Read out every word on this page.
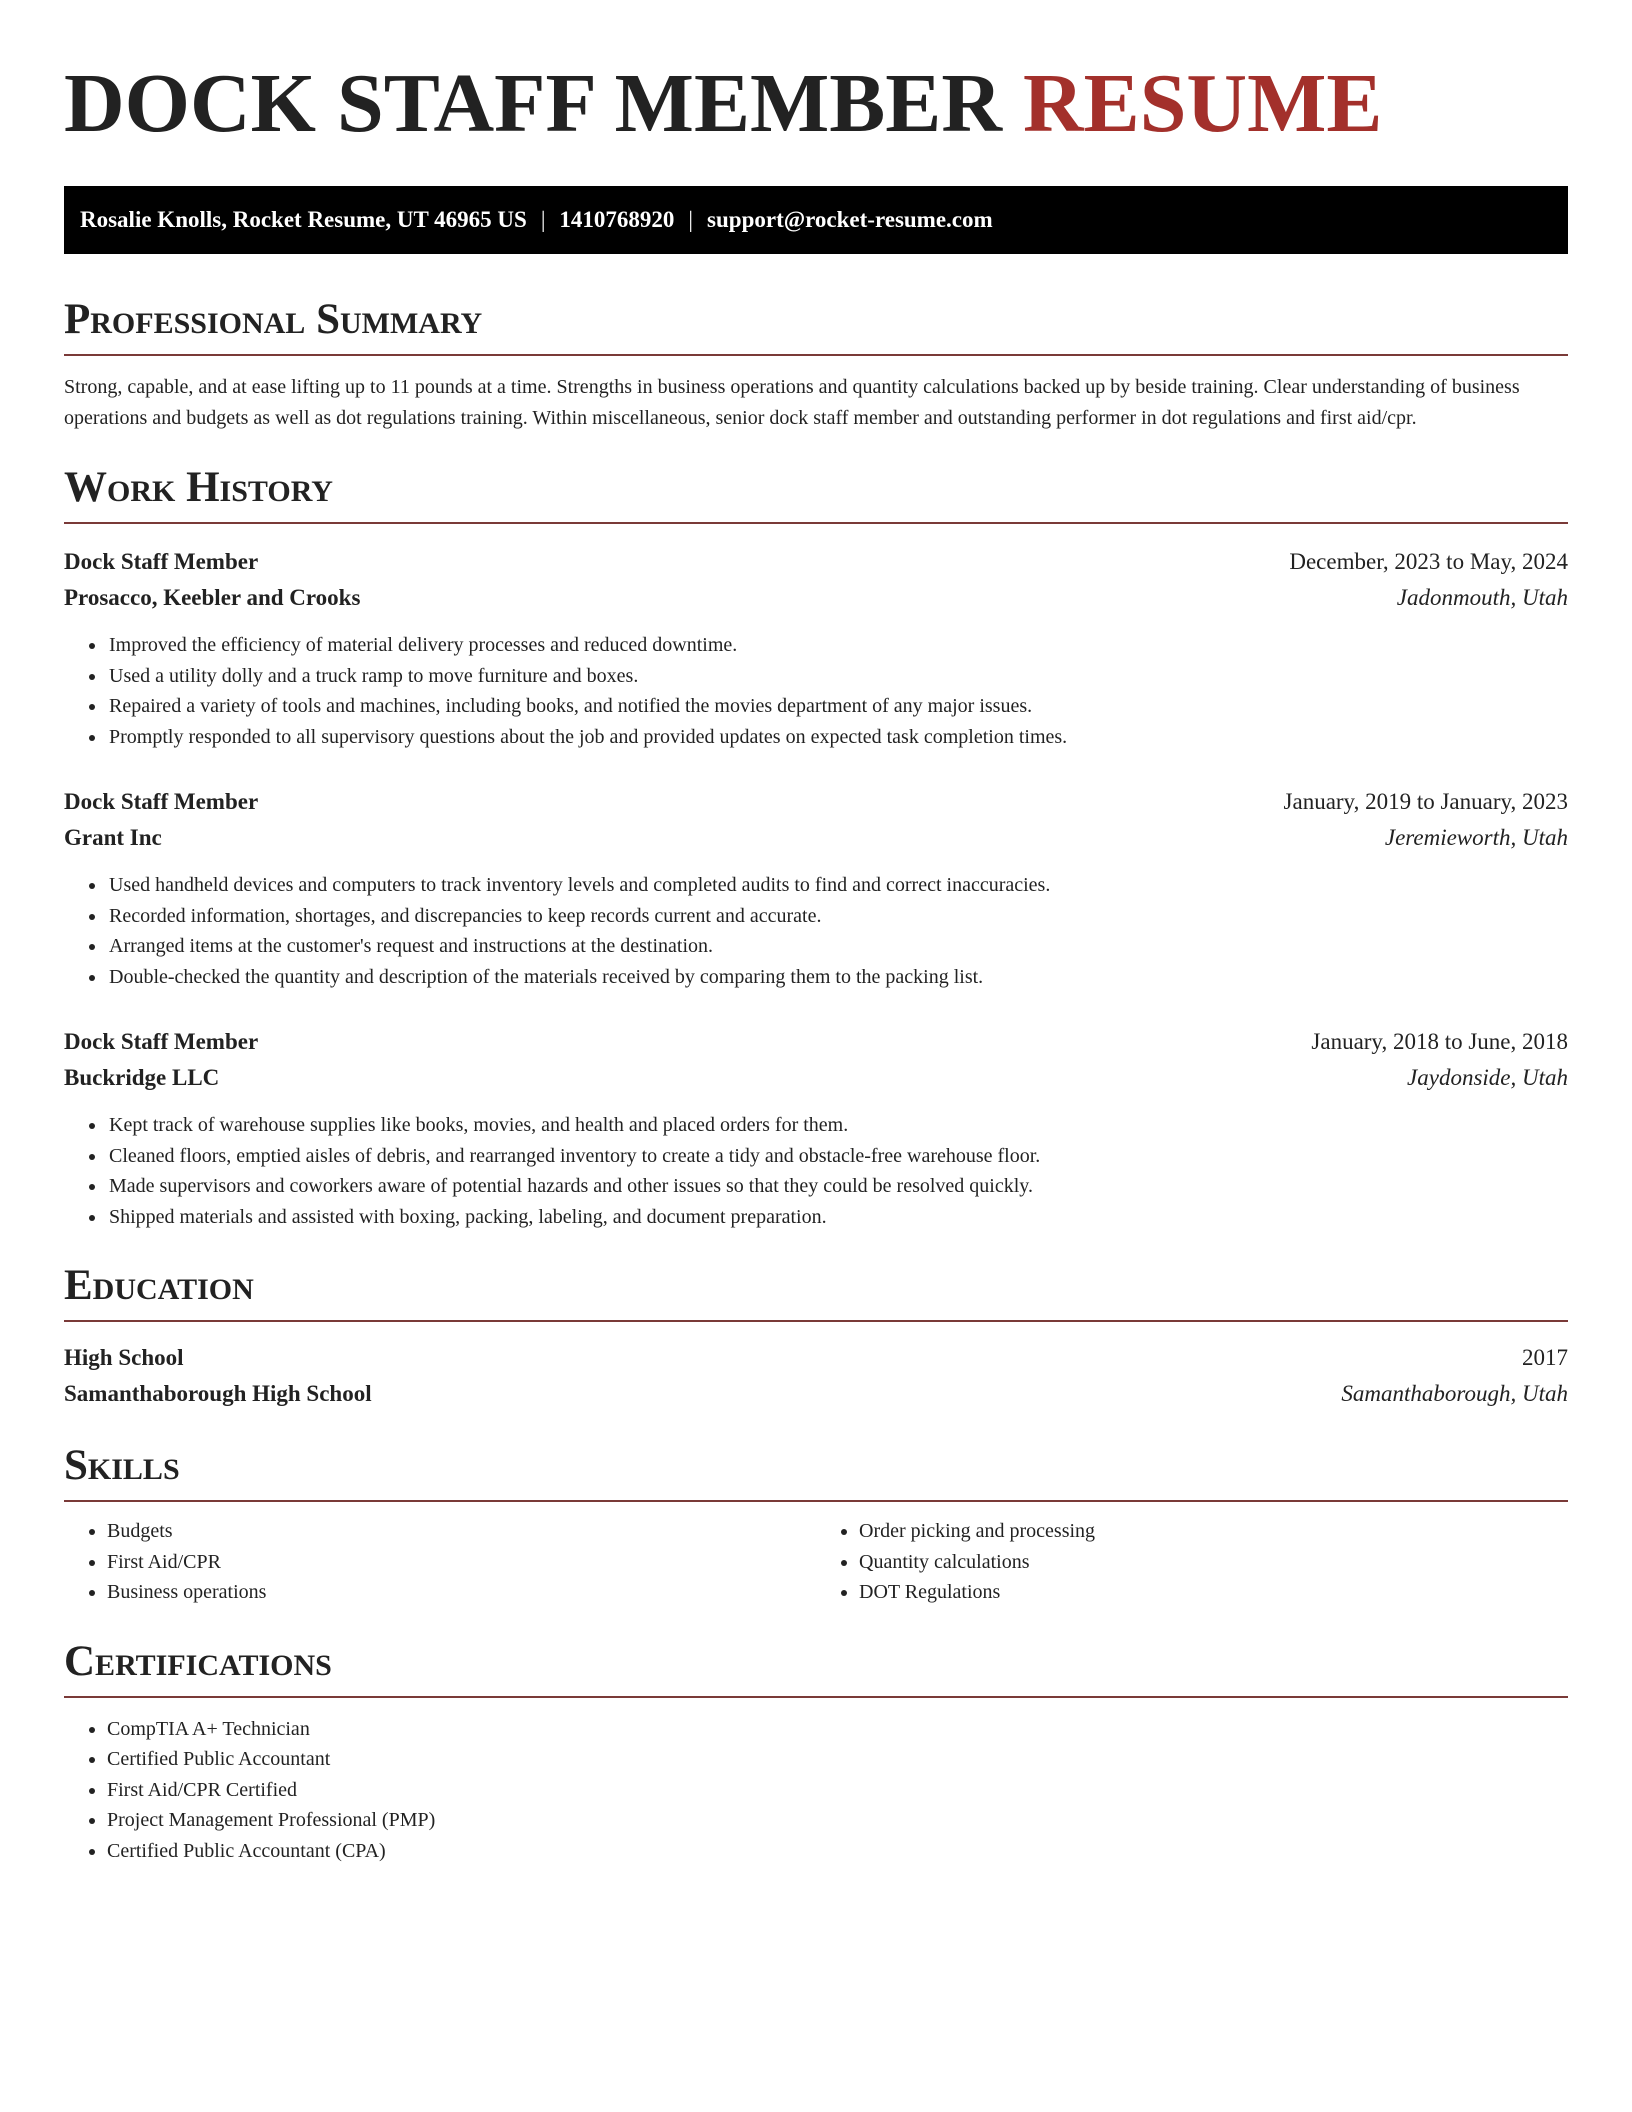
DOCK STAFF MEMBER RESUME
Rosalie Knolls, Rocket Resume, UT 46965 US | 1410768920 | support@rocket-resume.com
Professional Summary

Strong, capable, and at ease lifting up to 11 pounds at a time. Strengths in business operations and quantity calculations backed up by beside training. Clear understanding of business operations and budgets as well as dot regulations training. Within miscellaneous, senior dock staff member and outstanding performer in dot regulations and first aid/cpr.

Work History
Dock Staff Member	December, 2023 to May, 2024
Prosacco, Keebler and Crooks	Jadonmouth, Utah
• Improved the efficiency of material delivery processes and reduced downtime.
• Used a utility dolly and a truck ramp to move furniture and boxes.
• Repaired a variety of tools and machines, including books, and notified the movies department of any major issues.
• Promptly responded to all supervisory questions about the job and provided updates on expected task completion times.
Dock Staff Member	January, 2019 to January, 2023
Grant Inc	Jeremieworth, Utah
• Used handheld devices and computers to track inventory levels and completed audits to find and correct inaccuracies.
• Recorded information, shortages, and discrepancies to keep records current and accurate.
• Arranged items at the customer's request and instructions at the destination.
• Double-checked the quantity and description of the materials received by comparing them to the packing list.
Dock Staff Member	January, 2018 to June, 2018
Buckridge LLC	Jaydonside, Utah
• Kept track of warehouse supplies like books, movies, and health and placed orders for them.
• Cleaned floors, emptied aisles of debris, and rearranged inventory to create a tidy and obstacle-free warehouse floor.
• Made supervisors and coworkers aware of potential hazards and other issues so that they could be resolved quickly.
• Shipped materials and assisted with boxing, packing, labeling, and document preparation.
Education
High School	2017
Samanthaborough High School	Samanthaborough, Utah
Skills
• Budgets
• First Aid/CPR
• Business operations
• Order picking and processing
• Quantity calculations
• DOT Regulations
Certifications
• CompTIA A+ Technician
• Certified Public Accountant
• First Aid/CPR Certified
• Project Management Professional (PMP)
• Certified Public Accountant (CPA)
